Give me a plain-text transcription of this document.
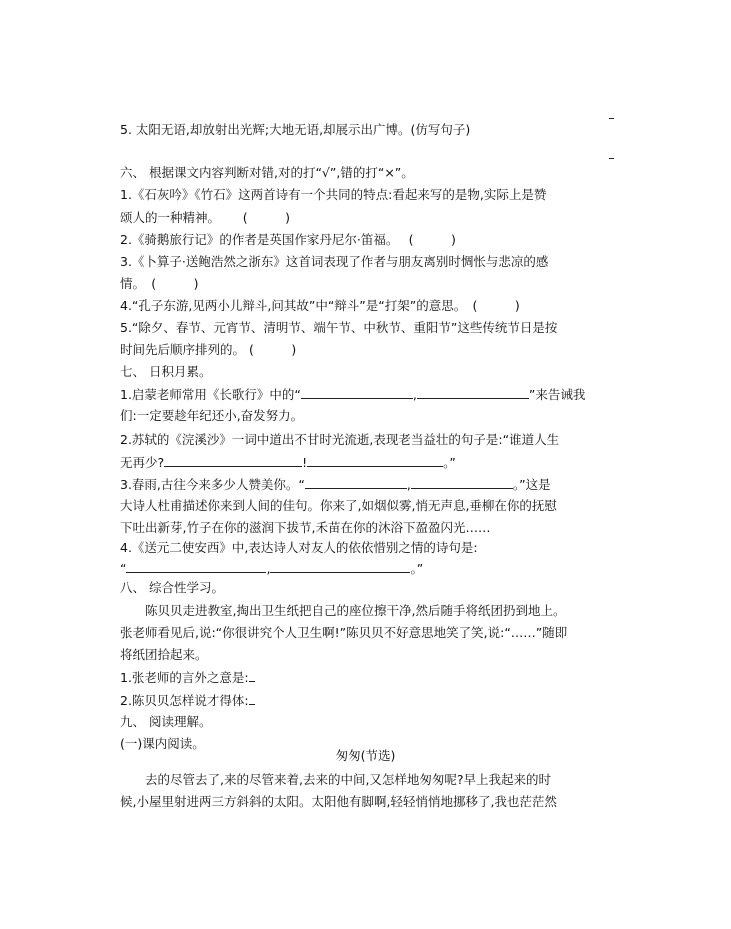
5. 太阳无语,却放射出光辉;大地无语,却展示出广博。(仿写句子)
六、 根据课文内容判断对错,对的打“√”,错的打“×”。
1.《石灰吟》《竹石》这两首诗有一个共同的特点:看起来写的是物,实际上是赞
颂人的一种精神。　　 (　　　)
2.《骑鹅旅行记》的作者是英国作家丹尼尔·笛福。　 (　　　)
3.《卜算子·送鲍浩然之浙东》这首词表现了作者与朋友离别时惆怅与悲凉的感
情。　(　　　)
4.“孔子东游,见两小儿辩斗,问其故”中“辩斗”是“打架”的意思。　(　　　)
5.“除夕、春节、元宵节、清明节、端午节、中秋节、重阳节”这些传统节日是按
时间先后顺序排列的。 (　　　)
七、 日积月累。
1.启蒙老师常用《长歌行》中的“	,	”来告诫我
们:一定要趁年纪还小,奋发努力。
2.苏轼的《浣溪沙》一词中道出不甘时光流逝,表现老当益壮的句子是:“谁道人生
无再少?	!	。”
3.春雨,古往今来多少人赞美你。“	,	。”这是
大诗人杜甫描述你来到人间的佳句。你来了,如烟似雾,悄无声息,垂柳在你的抚慰
下吐出新芽,竹子在你的滋润下拔节,禾苗在你的沐浴下盈盈闪光……
4.《送元二使安西》中,表达诗人对友人的依依惜别之情的诗句是:
“	,	。”
八、 综合性学习。
　　陈贝贝走进教室,掏出卫生纸把自己的座位擦干净,然后随手将纸团扔到地上。
张老师看见后,说:“你很讲究个人卫生啊!”陈贝贝不好意思地笑了笑,说:“……”随即
将纸团拾起来。
1.张老师的言外之意是:
2.陈贝贝怎样说才得体:
九、 阅读理解。
(一)课内阅读。
匆匆(节选)
　　去的尽管去了,来的尽管来着,去来的中间,又怎样地匆匆呢?早上我起来的时
候,小屋里射进两三方斜斜的太阳。太阳他有脚啊,轻轻悄悄地挪移了,我也茫茫然
